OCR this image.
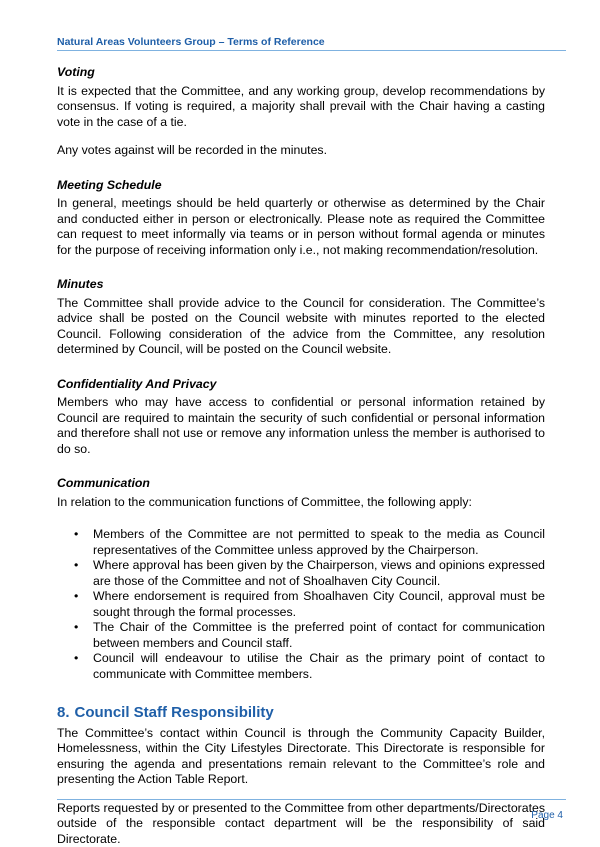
Natural Areas Volunteers Group – Terms of Reference
Voting

It is expected that the Committee, and any working group, develop recommendations by consensus. If voting is required, a majority shall prevail with the Chair having a casting vote in the case of a tie.

Any votes against will be recorded in the minutes.

Meeting Schedule

In general, meetings should be held quarterly or otherwise as determined by the Chair and conducted either in person or electronically. Please note as required the Committee can request to meet informally via teams or in person without formal agenda or minutes for the purpose of receiving information only i.e., not making recommendation/resolution.

Minutes

The Committee shall provide advice to the Council for consideration. The Committee’s advice shall be posted on the Council website with minutes reported to the elected Council. Following consideration of the advice from the Committee, any resolution determined by Council, will be posted on the Council website.

Confidentiality And Privacy

Members who may have access to confidential or personal information retained by Council are required to maintain the security of such confidential or personal information and therefore shall not use or remove any information unless the member is authorised to do so.

Communication

In relation to the communication functions of Committee, the following apply:

• Members of the Committee are not permitted to speak to the media as Council representatives of the Committee unless approved by the Chairperson.
• Where approval has been given by the Chairperson, views and opinions expressed are those of the Committee and not of Shoalhaven City Council.
• Where endorsement is required from Shoalhaven City Council, approval must be sought through the formal processes.
• The Chair of the Committee is the preferred point of contact for communication between members and Council staff.
• Council will endeavour to utilise the Chair as the primary point of contact to communicate with Committee members.
8. Council Staff Responsibility

The Committee’s contact within Council is through the Community Capacity Builder, Homelessness, within the City Lifestyles Directorate. This Directorate is responsible for ensuring the agenda and presentations remain relevant to the Committee’s role and presenting the Action Table Report.

Reports requested by or presented to the Committee from other departments/Directorates outside of the responsible contact department will be the responsibility of said Directorate.

Page 4
